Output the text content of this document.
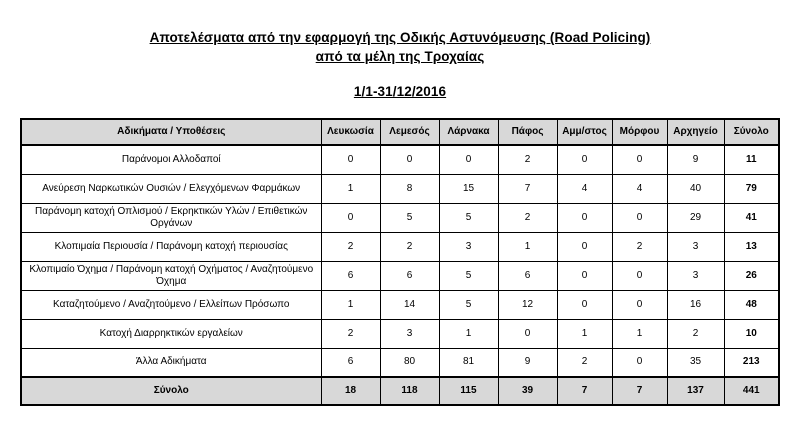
Αποτελέσματα από την εφαρμογή της Οδικής Αστυνόμευσης (Road Policing)
από τα μέλη της Τροχαίας
1/1-31/12/2016
Αδικήματα / Υποθέσεις	Λευκωσία	Λεμεσός	Λάρνακα	Πάφος	Αμμ/στος	Μόρφου	Αρχηγείο	Σύνολο
Παράνομοι Αλλοδαποί	0	0	0	2	0	0	9	11
Ανεύρεση Ναρκωτικών Ουσιών / Ελεγχόμενων Φαρμάκων	1	8	15	7	4	4	40	79
Παράνομη κατοχή Οπλισμού / Εκρηκτικών Υλών / Επιθετικών Οργάνων	0	5	5	2	0	0	29	41
Κλοπιμαία Περιουσία / Παράνομη κατοχή περιουσίας	2	2	3	1	0	2	3	13
Κλοπιμαίο Όχημα / Παράνομη κατοχή Οχήματος / Αναζητούμενο Όχημα	6	6	5	6	0	0	3	26
Καταζητούμενο / Αναζητούμενο / Ελλείπων Πρόσωπο	1	14	5	12	0	0	16	48
Κατοχή Διαρρηκτικών εργαλείων	2	3	1	0	1	1	2	10
Άλλα Αδικήματα	6	80	81	9	2	0	35	213
Σύνολο	18	118	115	39	7	7	137	441
